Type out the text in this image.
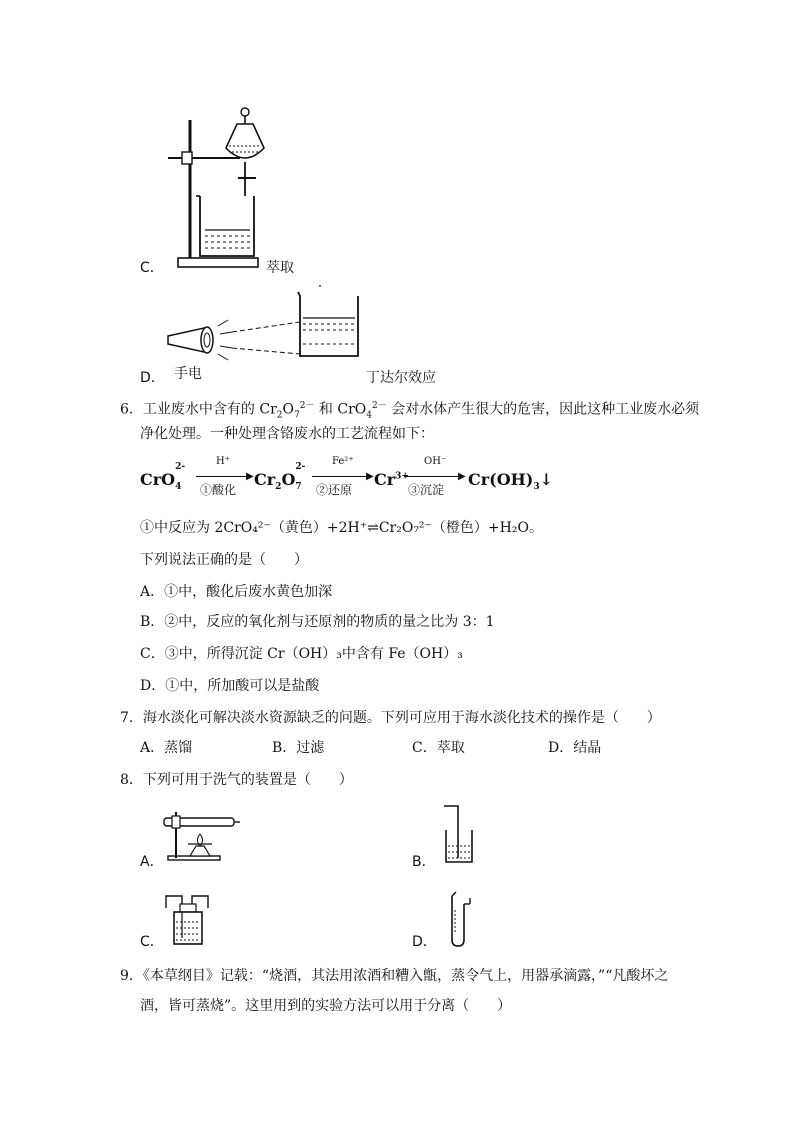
C．	萃取
D． 手电	丁达尔效应
6．工业废水中含有的 $Cr_2O_7^{2-}$ 和 CrO$_4^{2-}$ 会对水体产生很大的危害，因此这种工业废水必须
净化处理。一种处理含铬废水的工艺流程如下：
CrO
2-
$_4$
H⁺
▶
①酸化
$Cr_2O$
2-
$_7$
Fe²⁺
▶
②还原
$Cr^{3+}$
OH⁻
▶
③沉淀
$Cr(OH)_3↓$
①中反应为 2CrO₄²⁻（黄色）+2H⁺⇌Cr₂O₇²⁻（橙色）+H₂O。
下列说法正确的是（　　）
A．①中，酸化后废水黄色加深
B．②中，反应的氧化剂与还原剂的物质的量之比为 3：1
C．③中，所得沉淀 Cr（OH）₃中含有 Fe（OH）₃
D．①中，所加酸可以是盐酸
7．海水淡化可解决淡水资源缺乏的问题。下列可应用于海水淡化技术的操作是（　　）
A．蒸馏	B．过滤	C．萃取	D．结晶
8．下列可用于洗气的装置是（　　）
A．	B．
C．	D．
9．《本草纲目》记载：“烧酒，其法用浓酒和糟入甑，蒸令气上，用器承滴露，”“凡酸坏之
酒，皆可蒸烧”。这里用到的实验方法可以用于分离（　　）
